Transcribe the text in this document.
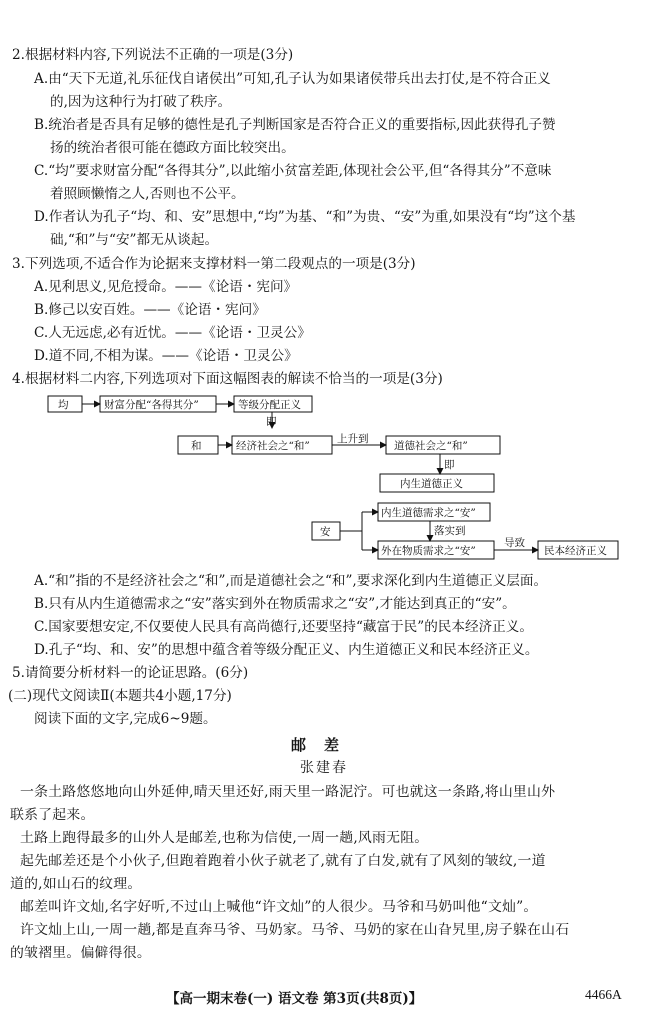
2.根据材料内容,下列说法不正确的一项是(3分)
A.由“天下无道,礼乐征伐自诸侯出”可知,孔子认为如果诸侯带兵出去打仗,是不符合正义
的,因为这种行为打破了秩序。
B.统治者是否具有足够的德性是孔子判断国家是否符合正义的重要指标,因此获得孔子赞
扬的统治者很可能在德政方面比较突出。
C.“均”要求财富分配“各得其分”,以此缩小贫富差距,体现社会公平,但“各得其分”不意味
着照顾懒惰之人,否则也不公平。
D.作者认为孔子“均、和、安”思想中,“均”为基、“和”为贵、“安”为重,如果没有“均”这个基
础,“和”与“安”都无从谈起。
3.下列选项,不适合作为论据来支撑材料一第二段观点的一项是(3分)
A.见利思义,见危授命。——《论语・宪问》
B.修己以安百姓。——《论语・宪问》
C.人无远虑,必有近忧。——《论语・卫灵公》
D.道不同,不相为谋。——《论语・卫灵公》
4.根据材料二内容,下列选项对下面这幅图表的解读不恰当的一项是(3分)
均	财富分配“各得其分”	等级分配正义
即
和	经济社会之“和”
上升到
道德社会之“和”
即
内生道德正义
安
内生道德需求之“安”
落实到
外在物质需求之“安”
导致
民本经济正义
A.“和”指的不是经济社会之“和”,而是道德社会之“和”,要求深化到内生道德正义层面。
B.只有从内生道德需求之“安”落实到外在物质需求之“安”,才能达到真正的“安”。
C.国家要想安定,不仅要使人民具有高尚德行,还要坚持“藏富于民”的民本经济正义。
D.孔子“均、和、安”的思想中蕴含着等级分配正义、内生道德正义和民本经济正义。
5.请简要分析材料一的论证思路。(6分)
(二)现代文阅读Ⅱ(本题共4小题,17分)
阅读下面的文字,完成6~9题。
邮差
张建春
一条土路悠悠地向山外延伸,晴天里还好,雨天里一路泥泞。可也就这一条路,将山里山外
联系了起来。
土路上跑得最多的山外人是邮差,也称为信使,一周一趟,风雨无阻。
起先邮差还是个小伙子,但跑着跑着小伙子就老了,就有了白发,就有了风刻的皱纹,一道
道的,如山石的纹理。
邮差叫许文灿,名字好听,不过山上喊他“许文灿”的人很少。马爷和马奶叫他“文灿”。
许文灿上山,一周一趟,都是直奔马爷、马奶家。马爷、马奶的家在山旮旯里,房子躲在山石
的皱褶里。偏僻得很。
【高一期末卷(一) 语文卷 第3页(共8页)】	4466A
